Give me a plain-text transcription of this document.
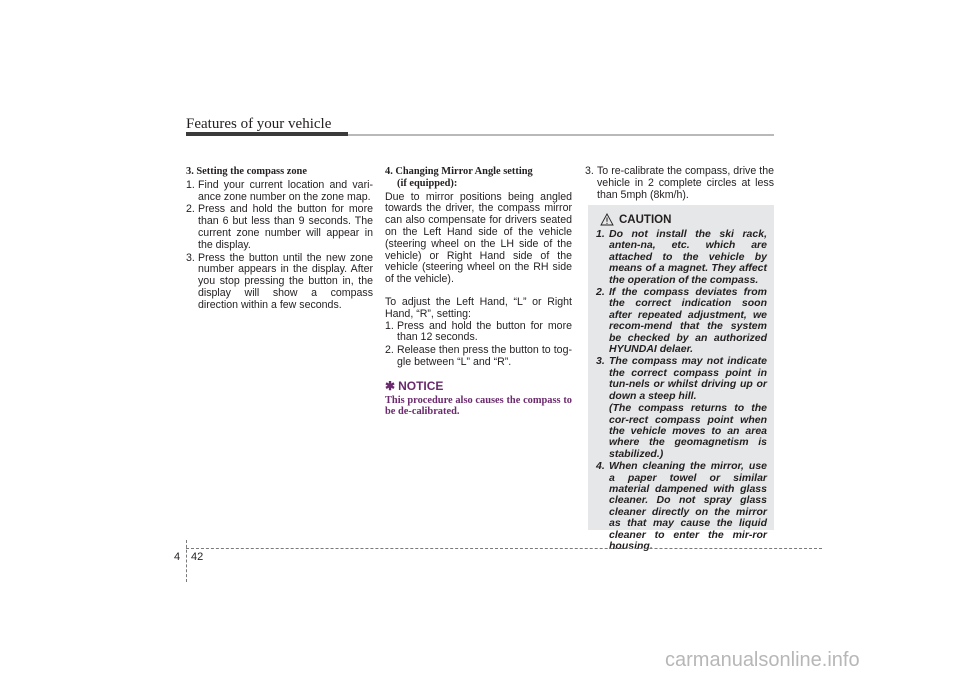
Features of your vehicle
3. Setting the compass zone
1. Find your current location and vari-ance zone number on the zone map.
2. Press and hold the button for more than 6 but less than 9 seconds. The current zone number will appear in the display.
3. Press the button until the new zone number appears in the display. After you stop pressing the button in, the display will show a compass direction within a few seconds.
4. Changing Mirror Angle setting
(if equipped):

Due to mirror positions being angled towards the driver, the compass mirror can also compensate for drivers seated on the Left Hand side of the vehicle (steering wheel on the LH side of the vehicle) or Right Hand side of the vehicle (steering wheel on the RH side of the vehicle).

To adjust the Left Hand, “L” or Right Hand, “R”, setting:

1. Press and hold the button for more than 12 seconds.
2. Release then press the button to tog-gle between “L” and “R”.
✱ NOTICE
This procedure also causes the compass to be de-calibrated.
3. To re-calibrate the compass, drive the vehicle in 2 complete circles at less than 5mph (8km/h).
CAUTION
1. Do not install the ski rack, anten-na, etc. which are attached to the vehicle by means of a magnet. They affect the operation of the compass.
2. If the compass deviates from the correct indication soon after repeated adjustment, we recom-mend that the system be checked by an authorized HYUNDAI delaer.
3. The compass may not indicate the correct compass point in tun-nels or whilst driving up or down a steep hill.
(The compass returns to the cor-rect compass point when the vehicle moves to an area where the geomagnetism is stabilized.)
4. When cleaning the mirror, use a paper towel or similar material dampened with glass cleaner. Do not spray glass cleaner directly on the mirror as that may cause the liquid cleaner to enter the mir-ror housing.
4 42
carmanualsonline.info
